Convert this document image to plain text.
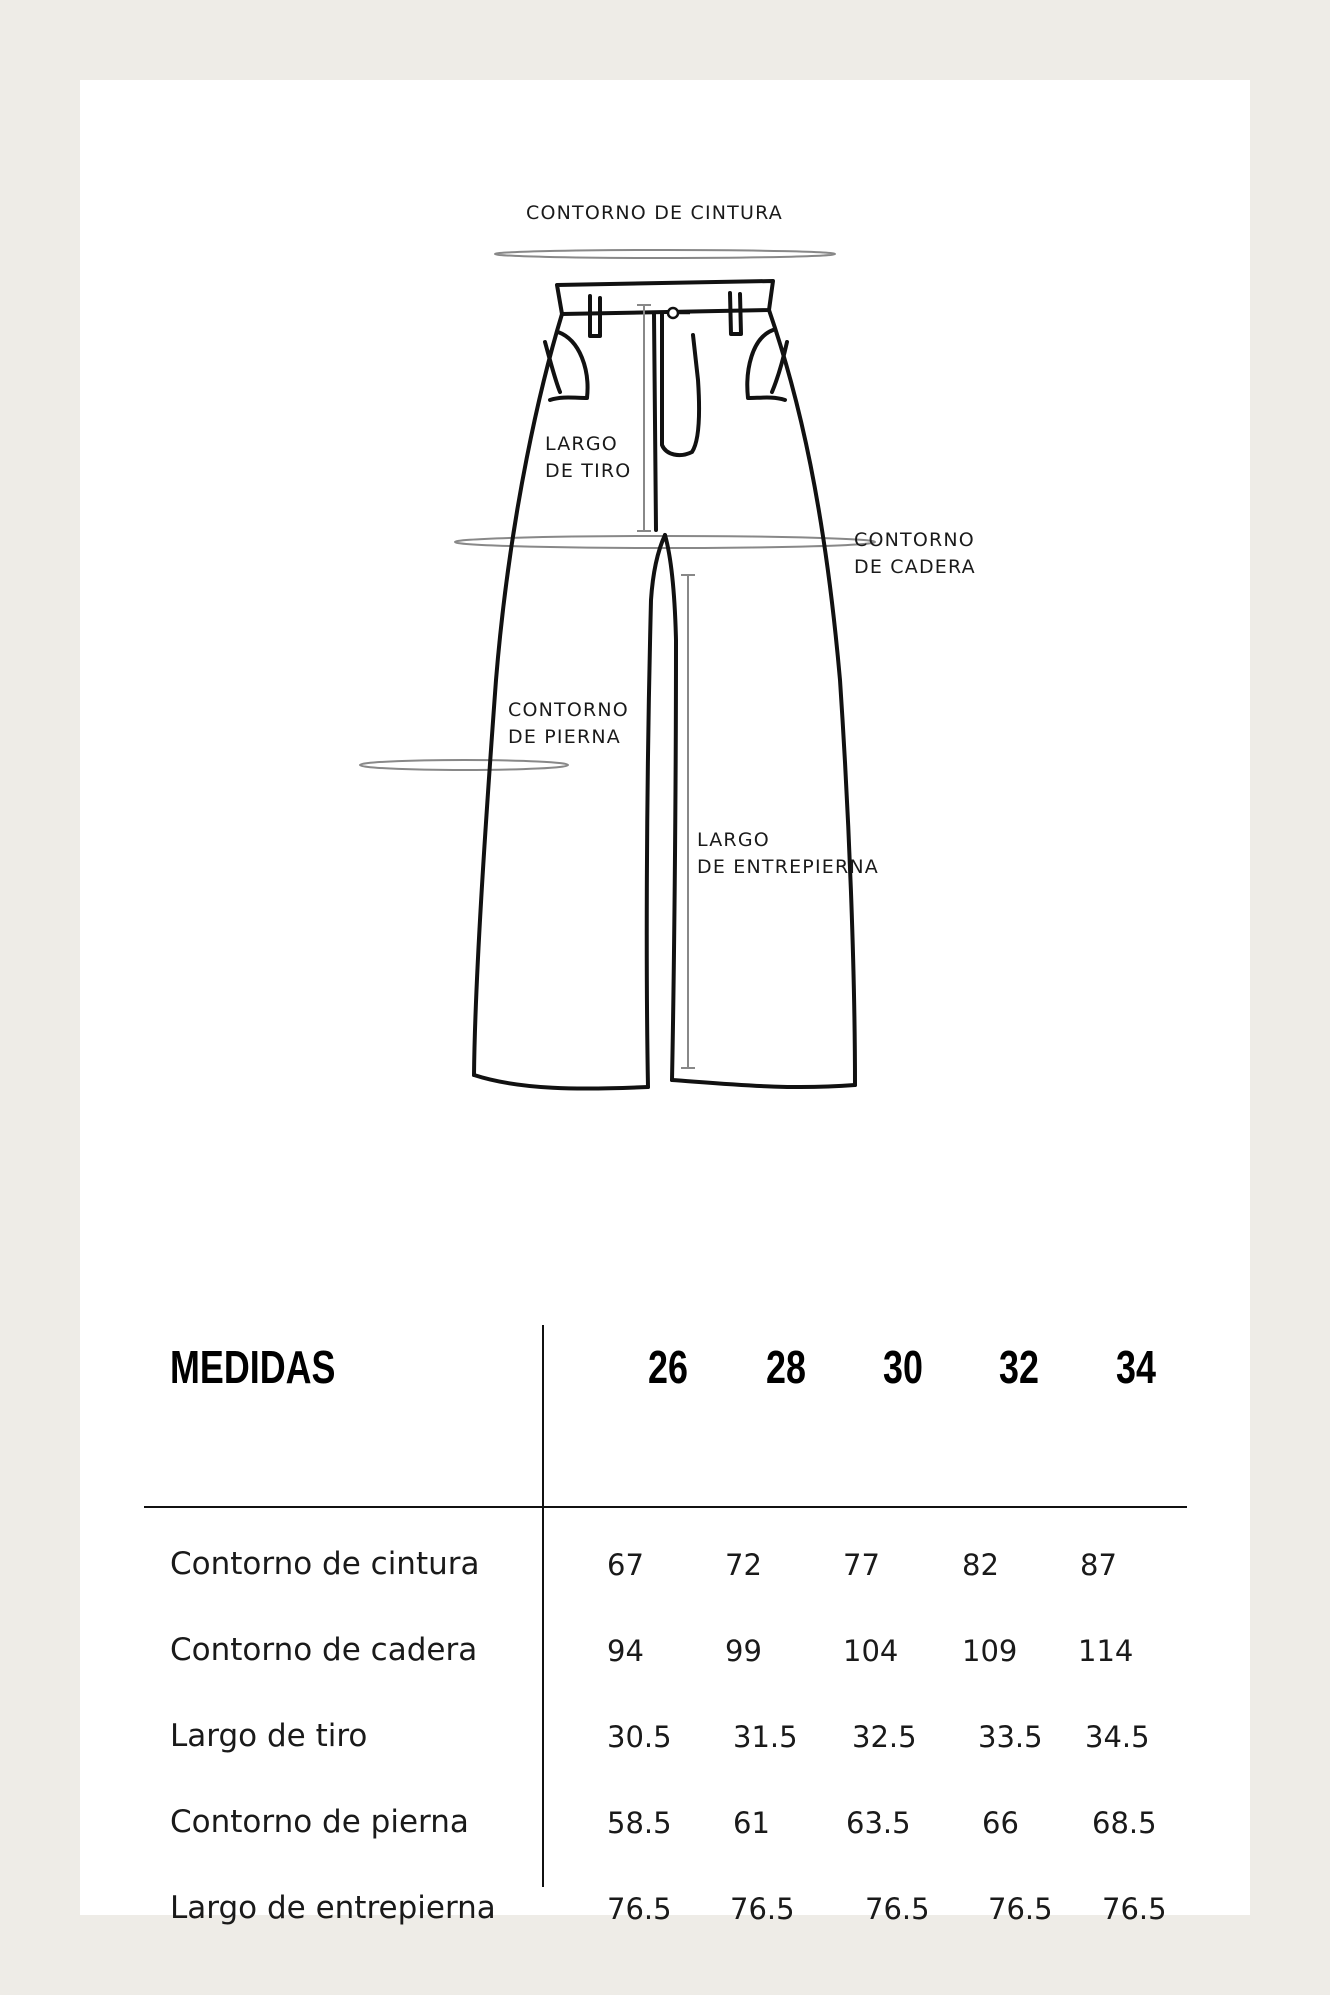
CONTORNO DE CINTURA
LARGO
DE TIRO
CONTORNO
DE CADERA
CONTORNO
DE PIERNA
LARGO
DE ENTREPIERNA
MEDIDAS	26 28 30 32 34
Contorno de cintura	67	72	77	82	87
Contorno de cadera	94	99	104	109	114
Largo de tiro	30.5	31.5	32.5	33.5	34.5
Contorno de pierna	58.5	61	63.5	66	68.5
Largo de entrepierna	76.5	76.5	76.5	76.5	76.5
